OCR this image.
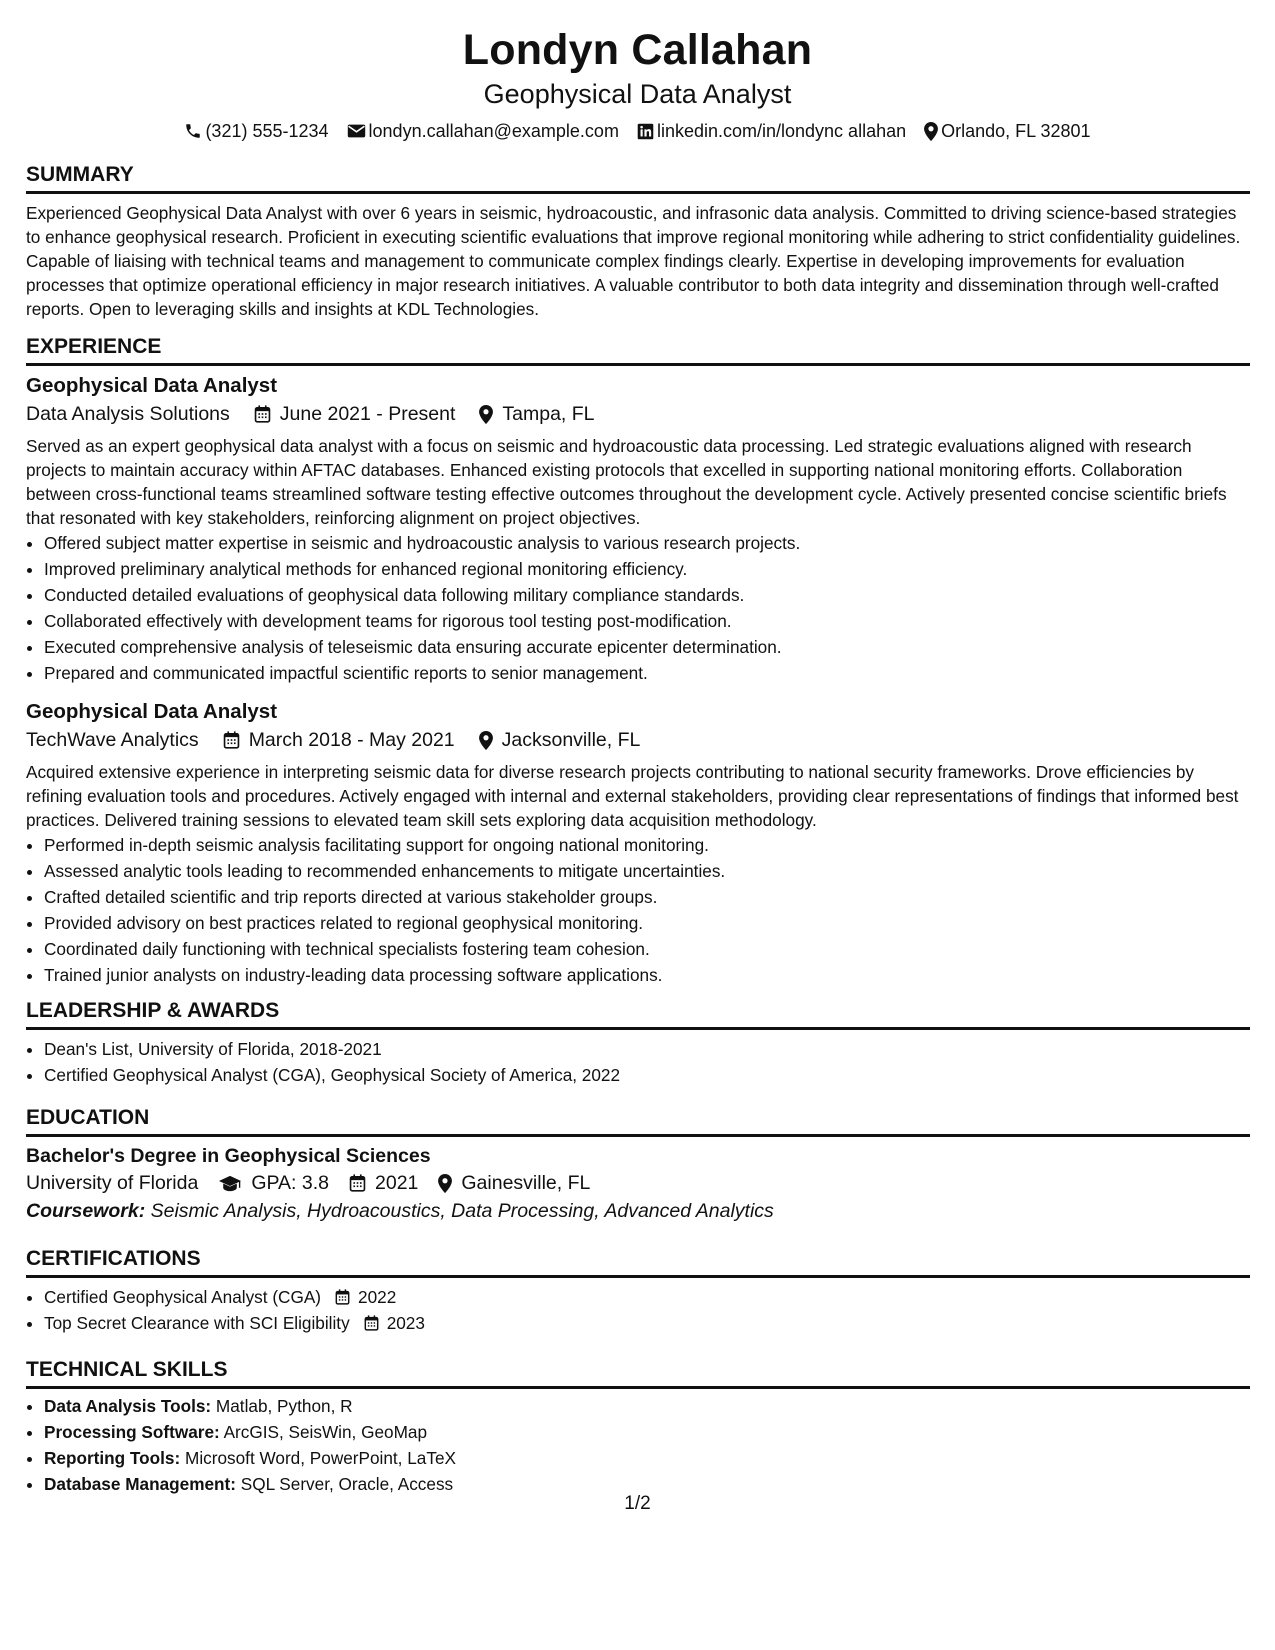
Londyn Callahan
Geophysical Data Analyst
(321) 555-1234 londyn.callahan@example.com linkedin.com/in/londync allahan Orlando, FL 32801
SUMMARY

Experienced Geophysical Data Analyst with over 6 years in seismic, hydroacoustic, and infrasonic data analysis. Committed to driving science-based strategies to enhance geophysical research. Proficient in executing scientific evaluations that improve regional monitoring while adhering to strict confidentiality guidelines. Capable of liaising with technical teams and management to communicate complex findings clearly. Expertise in developing improvements for evaluation processes that optimize operational efficiency in major research initiatives. A valuable contributor to both data integrity and dissemination through well-crafted reports. Open to leveraging skills and insights at KDL Technologies.

EXPERIENCE
Geophysical Data Analyst
Data Analysis Solutions	June 2021 - Present Tampa, FL

Served as an expert geophysical data analyst with a focus on seismic and hydroacoustic data processing. Led strategic evaluations aligned with research projects to maintain accuracy within AFTAC databases. Enhanced existing protocols that excelled in supporting national monitoring efforts. Collaboration between cross-functional teams streamlined software testing effective outcomes throughout the development cycle. Actively presented concise scientific briefs that resonated with key stakeholders, reinforcing alignment on project objectives.

• Offered subject matter expertise in seismic and hydroacoustic analysis to various research projects.
• Improved preliminary analytical methods for enhanced regional monitoring efficiency.
• Conducted detailed evaluations of geophysical data following military compliance standards.
• Collaborated effectively with development teams for rigorous tool testing post-modification.
• Executed comprehensive analysis of teleseismic data ensuring accurate epicenter determination.
• Prepared and communicated impactful scientific reports to senior management.
Geophysical Data Analyst
TechWave Analytics	March 2018 - May 2021 Jacksonville, FL

Acquired extensive experience in interpreting seismic data for diverse research projects contributing to national security frameworks. Drove efficiencies by refining evaluation tools and procedures. Actively engaged with internal and external stakeholders, providing clear representations of findings that informed best practices. Delivered training sessions to elevated team skill sets exploring data acquisition methodology.

• Performed in-depth seismic analysis facilitating support for ongoing national monitoring.
• Assessed analytic tools leading to recommended enhancements to mitigate uncertainties.
• Crafted detailed scientific and trip reports directed at various stakeholder groups.
• Provided advisory on best practices related to regional geophysical monitoring.
• Coordinated daily functioning with technical specialists fostering team cohesion.
• Trained junior analysts on industry-leading data processing software applications.
LEADERSHIP & AWARDS
• Dean's List, University of Florida, 2018-2021
• Certified Geophysical Analyst (CGA), Geophysical Society of America, 2022
EDUCATION
Bachelor's Degree in Geophysical Sciences
University of Florida	GPA: 3.8 2021 Gainesville, FL
Coursework: Seismic Analysis, Hydroacoustics, Data Processing, Advanced Analytics
CERTIFICATIONS
• Certified Geophysical Analyst (CGA) 2022
• Top Secret Clearance with SCI Eligibility 2023
TECHNICAL SKILLS
• Data Analysis Tools: Matlab, Python, R
• Processing Software: ArcGIS, SeisWin, GeoMap
• Reporting Tools: Microsoft Word, PowerPoint, LaTeX
• Database Management: SQL Server, Oracle, Access
1/2
